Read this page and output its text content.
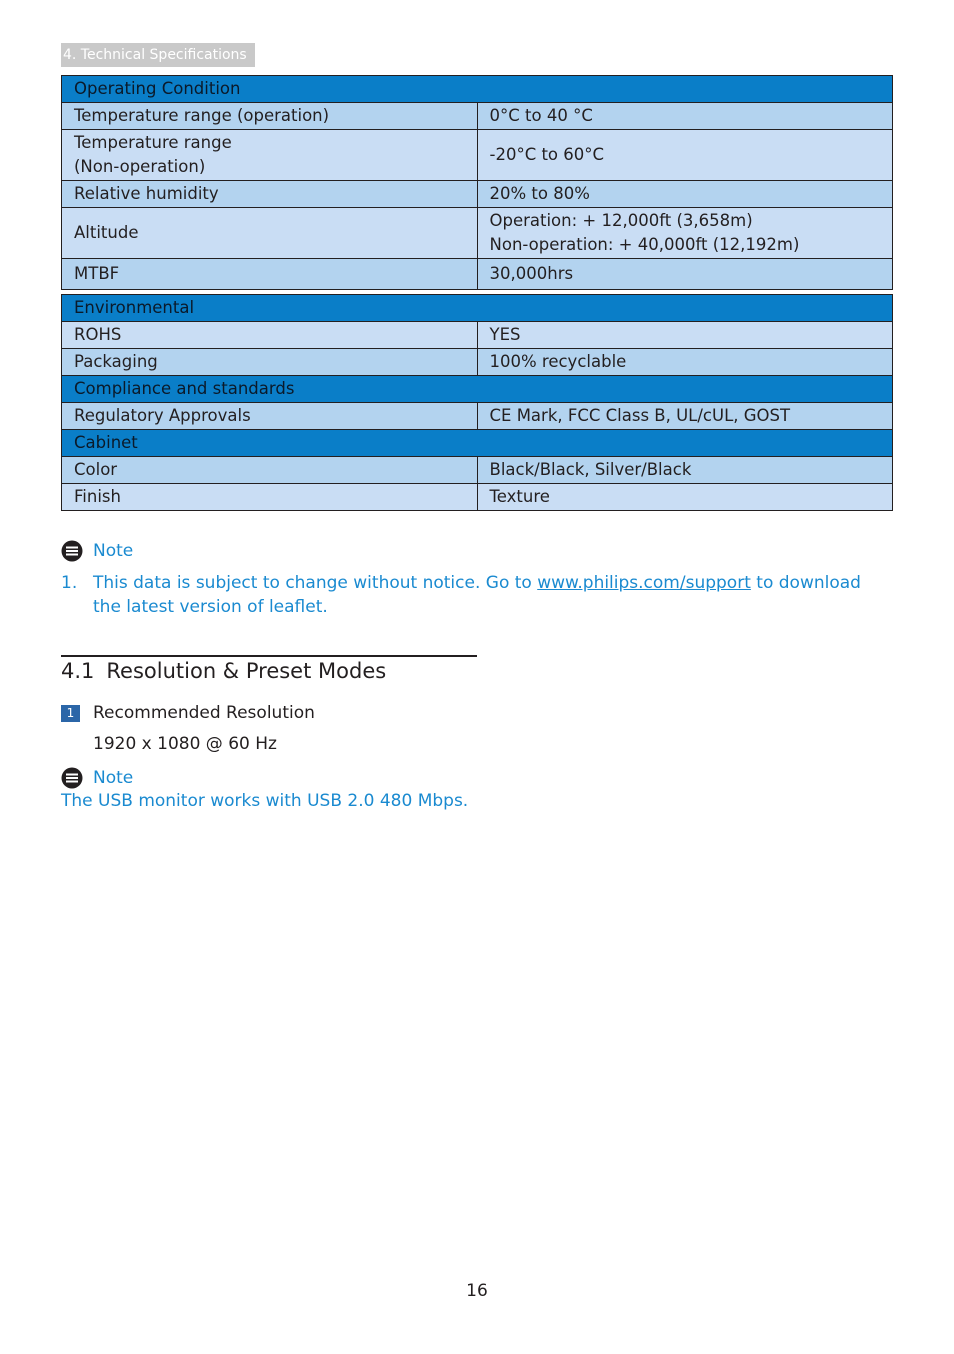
4. Technical Specifications
Operating Condition	
Temperature range (operation)	0°C to 40 °C

Temperature range
(Non-operation)	-20°C to 60°C
Relative humidity	20% to 80%
Altitude	Operation: + 12,000ft (3,658m)
Non-operation: + 40,000ft (12,192m)

MTBF	30,000hrs
Environmental	
ROHS	YES
Packaging	100% recyclable
Compliance and standards	
Regulatory Approvals	CE Mark, FCC Class B, UL/cUL, GOST
Cabinet	
Color	Black/Black, Silver/Black
Finish	Texture
Note
1. This data is subject to change without notice. Go to www.philips.com/support to download the latest version of leaflet.
4.1 Resolution & Preset Modes
1	Recommended Resolution
1920 x 1080 @ 60 Hz
Note
The USB monitor works with USB 2.0 480 Mbps.
16
